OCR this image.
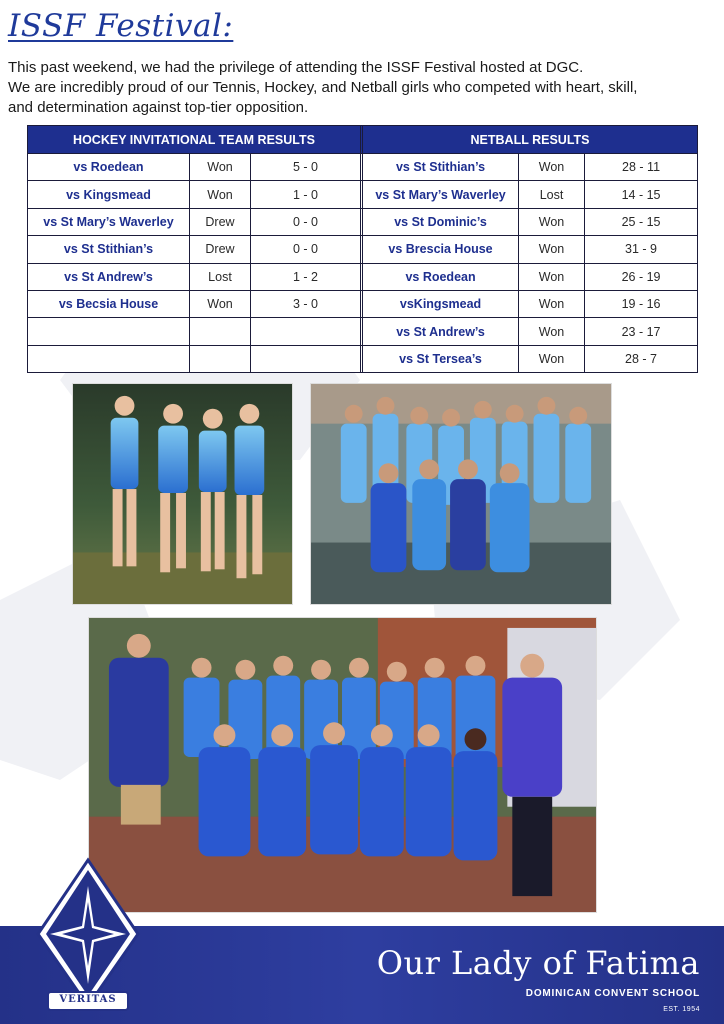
ISSF Festival:

This past weekend, we had the privilege of attending the ISSF Festival hosted at DGC.

We are incredibly proud of our Tennis, Hockey, and Netball girls who competed with heart, skill,

and determination against top-tier opposition.

HOCKEY INVITATIONAL TEAM RESULTS				NETBALL RESULTS		
vs Roedean	Won	5 - 0		vs St Stithian’s	Won	28 - 11
vs Kingsmead	Won	1 - 0		vs St Mary’s Waverley	Lost	14 - 15
vs St Mary’s Waverley	Drew	0 - 0		vs St Dominic’s	Won	25 - 15
vs St Stithian’s	Drew	0 - 0		vs Brescia House	Won	31 - 9
vs St Andrew’s	Lost	1 - 2		vs Roedean	Won	26 - 19
vs Becsia House	Won	3 - 0		vsKingsmead	Won	19 - 16
				vs St Andrew’s	Won	23 - 17
				vs St Tersea’s	Won	28 - 7
Our Lady of Fatima
DOMINICAN CONVENT SCHOOL
EST. 1954
VERITAS
